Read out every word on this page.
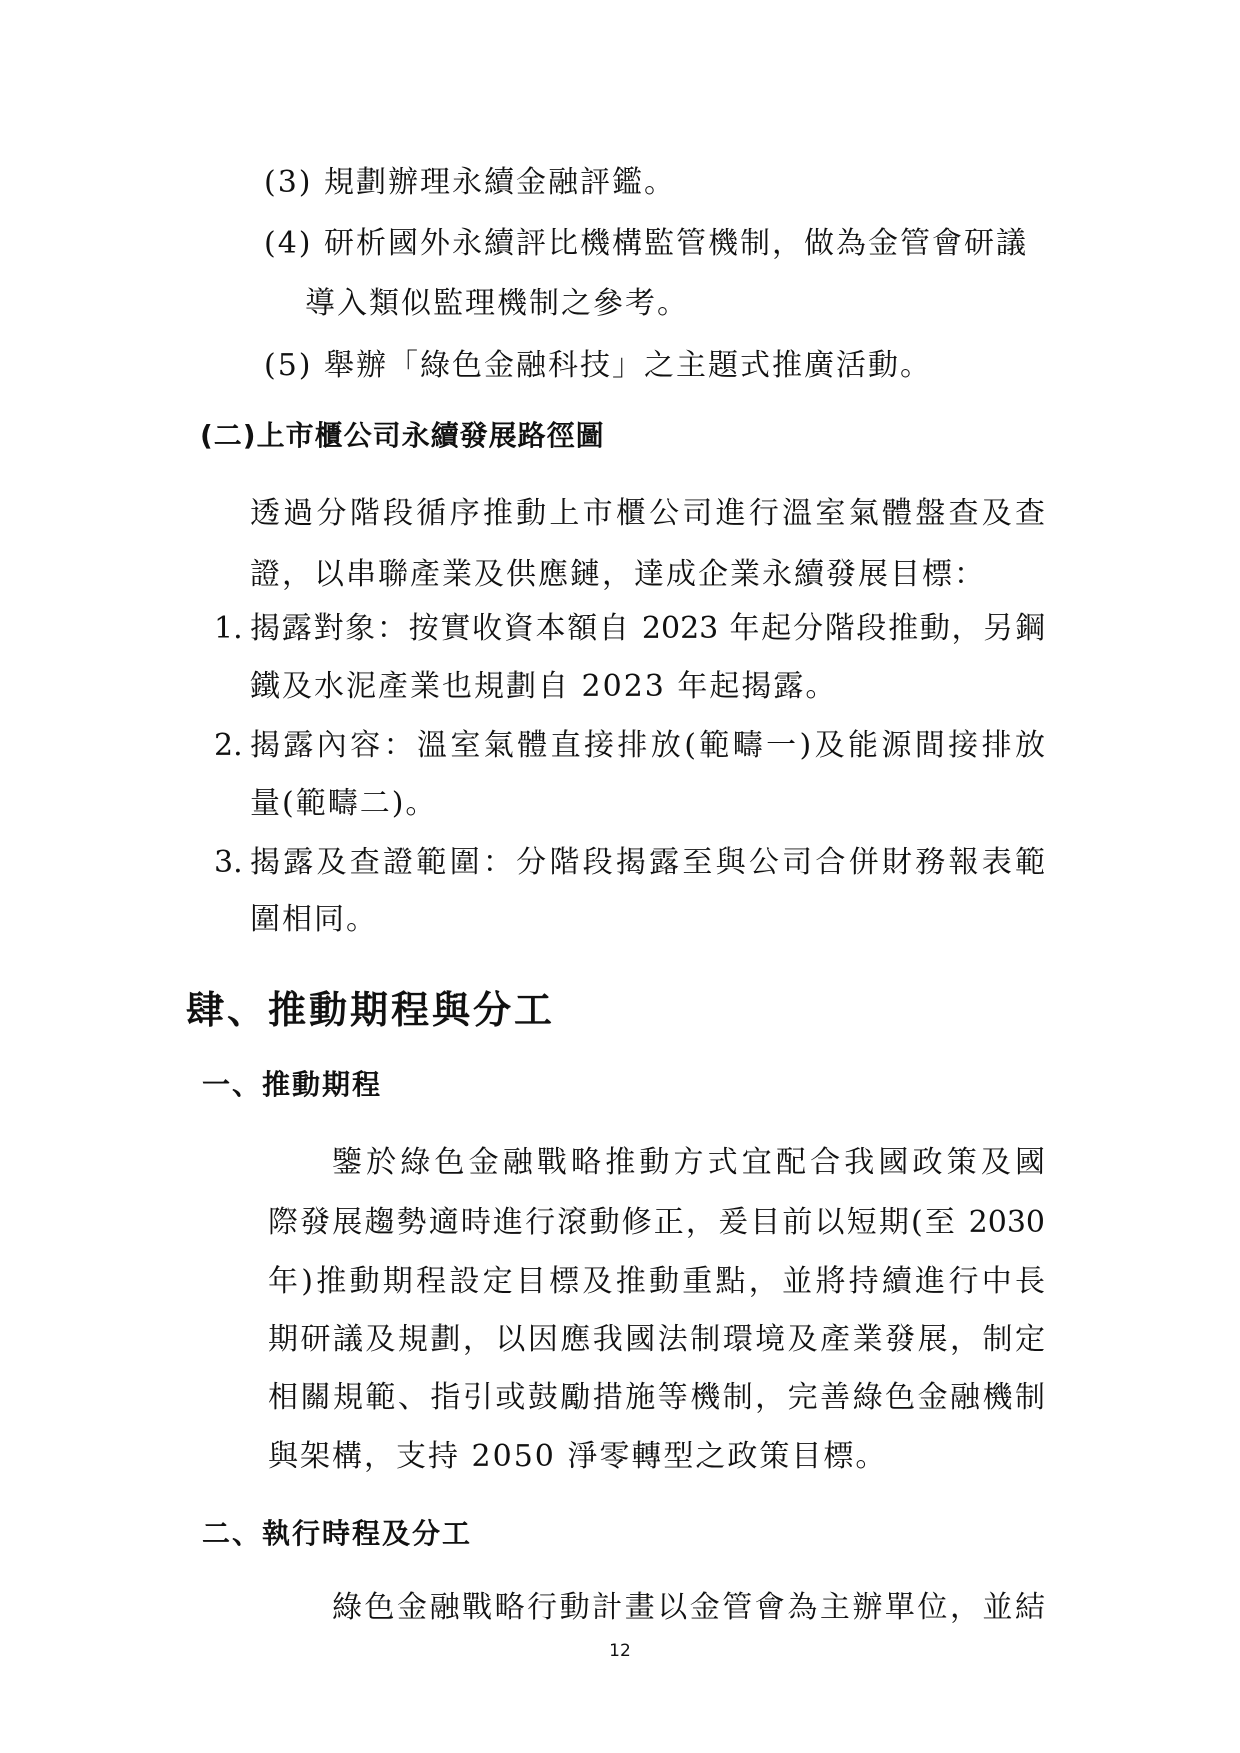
(3) 規劃辦理永續金融評鑑。
(4) 研析國外永續評比機構監管機制，做為金管會研議
導入類似監理機制之參考。
(5) 舉辦「綠色金融科技」之主題式推廣活動。
(二)上市櫃公司永續發展路徑圖
透過分階段循序推動上市櫃公司進行溫室氣體盤查及查
證，以串聯產業及供應鏈，達成企業永續發展目標：
1. 揭露對象：按實收資本額自 2023 年起分階段推動，另鋼
鐵及水泥產業也規劃自 2023 年起揭露。
2. 揭露內容：溫室氣體直接排放(範疇一)及能源間接排放
量(範疇二)。
3. 揭露及查證範圍：分階段揭露至與公司合併財務報表範
圍相同。
肆、推動期程與分工
一、推動期程
鑒於綠色金融戰略推動方式宜配合我國政策及國
際發展趨勢適時進行滾動修正，爰目前以短期(至 2030
年)推動期程設定目標及推動重點，並將持續進行中長
期研議及規劃，以因應我國法制環境及產業發展，制定
相關規範、指引或鼓勵措施等機制，完善綠色金融機制
與架構，支持 2050 淨零轉型之政策目標。
二、執行時程及分工
綠色金融戰略行動計畫以金管會為主辦單位，並結
12
